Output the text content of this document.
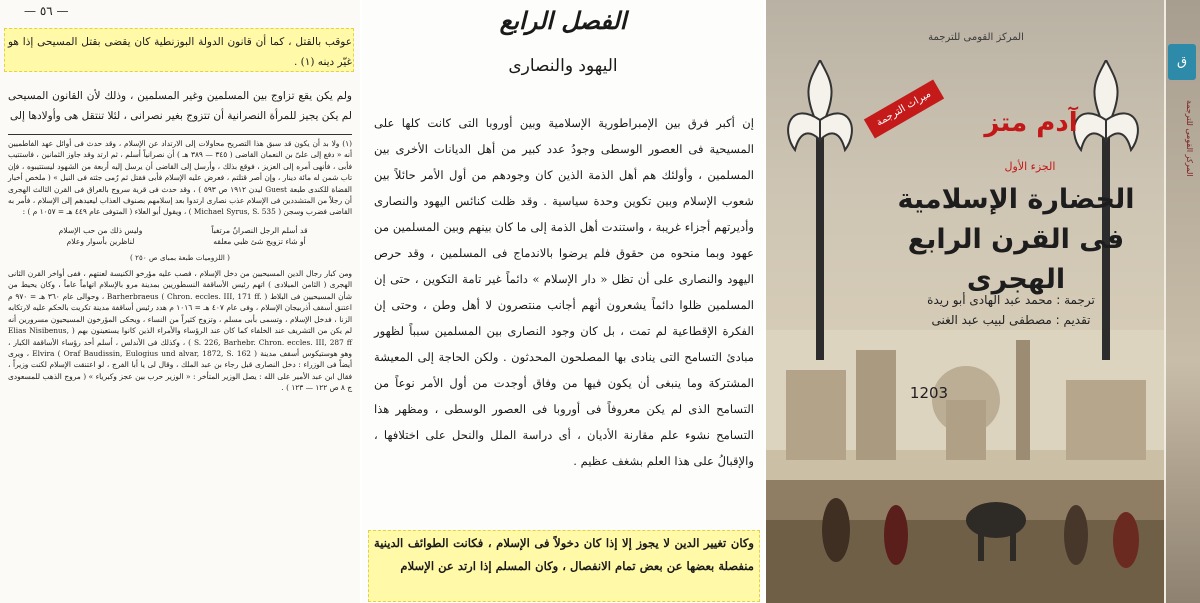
— ٥٦ —

عوقب بالقتل ، كما أن قانون الدولة البوزنطية كان يقضى بقتل المسيحى إذا هو غيّر دينه (١) .

ولم يكن يقع تزاوج بين المسلمين وغير المسلمين ، وذلك لأن القانون المسيحى لم يكن يجيز للمرأة النصرانية أن تتزوج بغير نصرانى ، لئلا تنتقل هى وأولادها إلى

(١) ولا بد أن يكون قد سبق هذا التصريح محاولات إلى الارتداد عن الإسلام ، وقد حدث فى أوائل عهد الفاطميين أنه « دفع إلى علىّ بن النعمان القاضى ( ٣٤٥ — ٣٨٩ هـ ) أن نصرانياً أسلم ، ثم ارتد وقد جاوز الثمانين ، فاستتيب فأبى ، فأنهى أمره إلى العزيز ، فوقع بذلك ، وأرسل إلى القاضى أن يرسل إليه أربعة من الشهود ليستتيبوه ، فإن تاب شمن له مائة دينار ، وإن أصر قتلتم ، فعرض عليه الإسلام فأبى فقتل ثم رُمى جثته فى النيل » ( ملخص أخبار القضاة للكندى طبعة Guest ليدن ١٩١٢ ص ٥٩٣ ) ، وقد حدث فى قرية سروج بالعراق فى القرن الثالث الهجرى أن رجلاً من المتشددين فى الإسلام عذب نصارى ارتدوا بعد إسلامهم بصنوف العذاب ليعيدهم إلى الإسلام ، فأمر به القاضى فضرب وسجن ( Michael Syrus, S. 535 ) ، ويقول أبو العلاء ( المتوفى عام ٤٤٩ هـ = ١٠٥٧ م ) :

قد أسلم الرجل النصرانُ مرتغباً
وليس ذلك من حب الإسلام
أو شاء تزويج شئ ظبي معلقه
لناظرين بأسوار وعلام
( اللزوميات طبعة بمباى ص ٢٥٠ )

ومن كبار رجال الدين المسيحيين من دخل الإسلام ، فصب عليه مؤرخو الكنيسة لعنتهم ، ففى أواخر القرن الثانى الهجرى ( الثامن الميلادى ) اتهم رئيس الأساقفة النسطوريين بمدينة مرو بالإسلام اتهاماً عاماً ، وكان يحيط من شأن المسيحيين فى البلاط Barherbraeus ( Chron. eccles. III, 171 ff. ) ، وحوالى عام ٣٦٠ هـ = ٩٧٠ م اعتنق أسقف أذربيجان الإسلام ، وفى عام ٤٠٧ هـ = ١٠١٦ م هدد رئيس أساقفة مدينة تكريت بالحكم عليه لارتكابه الزنا ، فدخل الإسلام ، وتسمى بأبى مسلم ، وتزوج كثيراً من النساء ، ويحكى المؤرخون المسيحيون مسرورين أنه لم يكن من التشريف عند الخلفاء كما كان عند الرؤساء والأمراء الذين كانوا يستعينون بهم ( Elias Nisibenus, S. 226, Barhebr. Chron. eccles. III, 287 ff ) ، وكذلك فى الأندلس ، أسلم أحد رؤساء الأساقفة الكبار ، وهو هوستيكوس أسقف مدينة Elvira ( Oraf Baudissin, Eulogius und alvar, 1872, S. 162 ) ، ويرى أيضاً فى الوزراء : دخل النصارى قبل رجاء بن عبد الملك ، وقال لى يا أبا الفرج ، لو اعتنقت الإسلام لكنت وزيراً ، فقال ابن عبد الأمير على الله : يصل الوزير المتأخر : « الوزير حرب بين عجز وكبرياء » ( مروج الذهب للمسعودى ج ٨ ص ١٢٢ — ١٢٣ ) .

الفصل الرابع
اليهود والنصارى
إن أكبر فرق بين الإمبراطورية الإسلامية وبين أوروبا التى كانت كلها على المسيحية فى العصور الوسطى وجودُ عدد كبير من أهل الديانات الأخرى بين المسلمين ، وأولئك هم أهل الذمة الذين كان وجودهم من أول الأمر حائلاً بين شعوب الإسلام وبين تكوين وحدة سياسية . وقد ظلت كنائس اليهود والنصارى وأديرتهم أجزاء غريبة ، واستندت أهل الذمة إلى ما كان بينهم وبين المسلمين من عهود وبما منحوه من حقوق فلم يرضوا بالاندماج فى المسلمين ، وقد حرص اليهود والنصارى على أن تظل « دار الإسلام » دائماً غير تامة التكوين ، حتى إن المسلمين ظلوا دائماً يشعرون أنهم أجانب منتصرون لا أهل وطن ، وحتى إن الفكرة الإقطاعية لم تمت ، بل كان وجود النصارى بين المسلمين سبباً لظهور مبادئ التسامح التى ينادى بها المصلحون المحدثون . ولكن الحاجة إلى المعيشة المشتركة وما ينبغى أن يكون فيها من وفاق أوجدت من أول الأمر نوعاً من التسامح الذى لم يكن معروفاً فى أوروبا فى العصور الوسطى ، ومظهر هذا التسامح نشوء علم مقارنة الأديان ، أى دراسة الملل والنحل على اختلافها ، والإقبالُ على هذا العلم بشغف عظيم .
وكان تغيير الدين لا يجوز إلا إذا كان دخولاً فى الإسلام ، فكانت الطوائف الدينية منفصلة بعضها عن بعض تمام الانفصال ، وكان المسلم إذا ارتد عن الإسلام
المركز القومى للترجمة
ميراث الترجمة	آدم متز
الجزء الأول
الحضارة الإسلامية
فى القرن الرابع الهجرى
ترجمة : محمد عبد الهادى أبو ريدة
تقديم : مصطفى لبيب عبد الغنى
1203
ق
المركز القومى للترجمة
